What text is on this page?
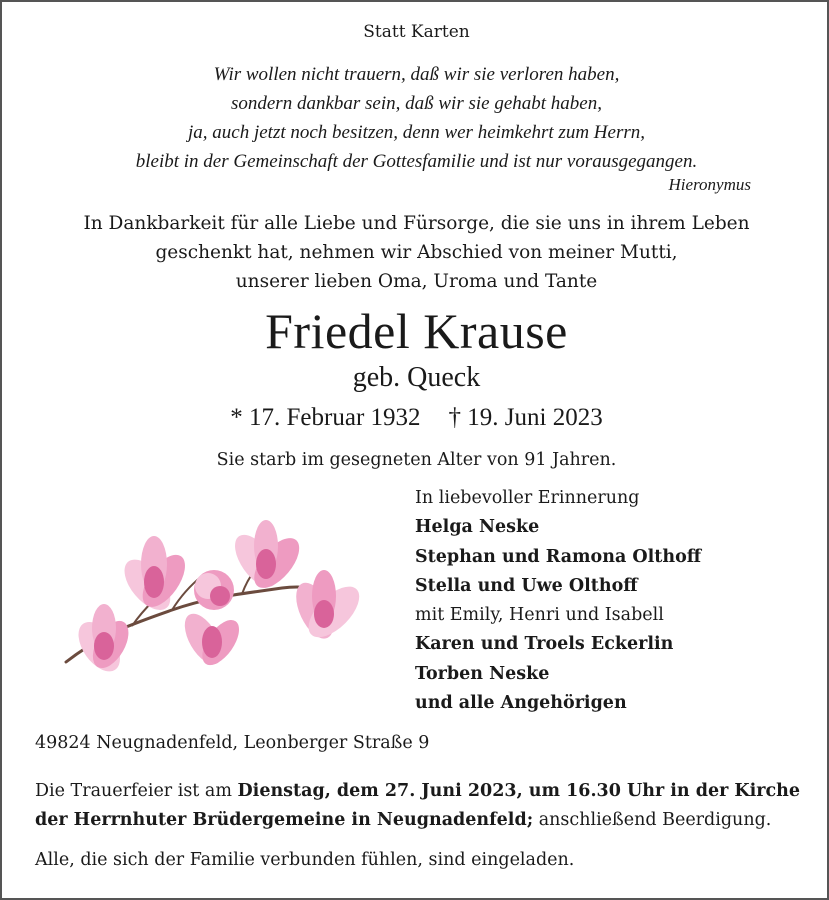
Statt Karten

Wir wollen nicht trauern, daß wir sie verloren haben,
sondern dankbar sein, daß wir sie gehabt haben,
ja, auch jetzt noch besitzen, denn wer heimkehrt zum Herrn,
bleibt in der Gemeinschaft der Gottesfamilie und ist nur vorausgegangen.

Hieronymus

In Dankbarkeit für alle Liebe und Fürsorge, die sie uns in ihrem Leben
geschenkt hat, nehmen wir Abschied von meiner Mutti,
unserer lieben Oma, Uroma und Tante

Friedel Krause

geb. Queck

* 17. Februar 1932 † 19. Juni 2023

Sie starb im gesegneten Alter von 91 Jahren.

In liebevoller Erinnerung
Helga Neske
Stephan und Ramona Olthoff
Stella und Uwe Olthoff
mit Emily, Henri und Isabell
Karen und Troels Eckerlin
Torben Neske
und alle Angehörigen

49824 Neugnadenfeld, Leonberger Straße 9

Die Trauerfeier ist am Dienstag, dem 27. Juni 2023, um 16.30 Uhr in der Kirche der Herrnhuter Brüdergemeine in Neugnadenfeld; anschließend Beerdigung.

Alle, die sich der Familie verbunden fühlen, sind eingeladen.
